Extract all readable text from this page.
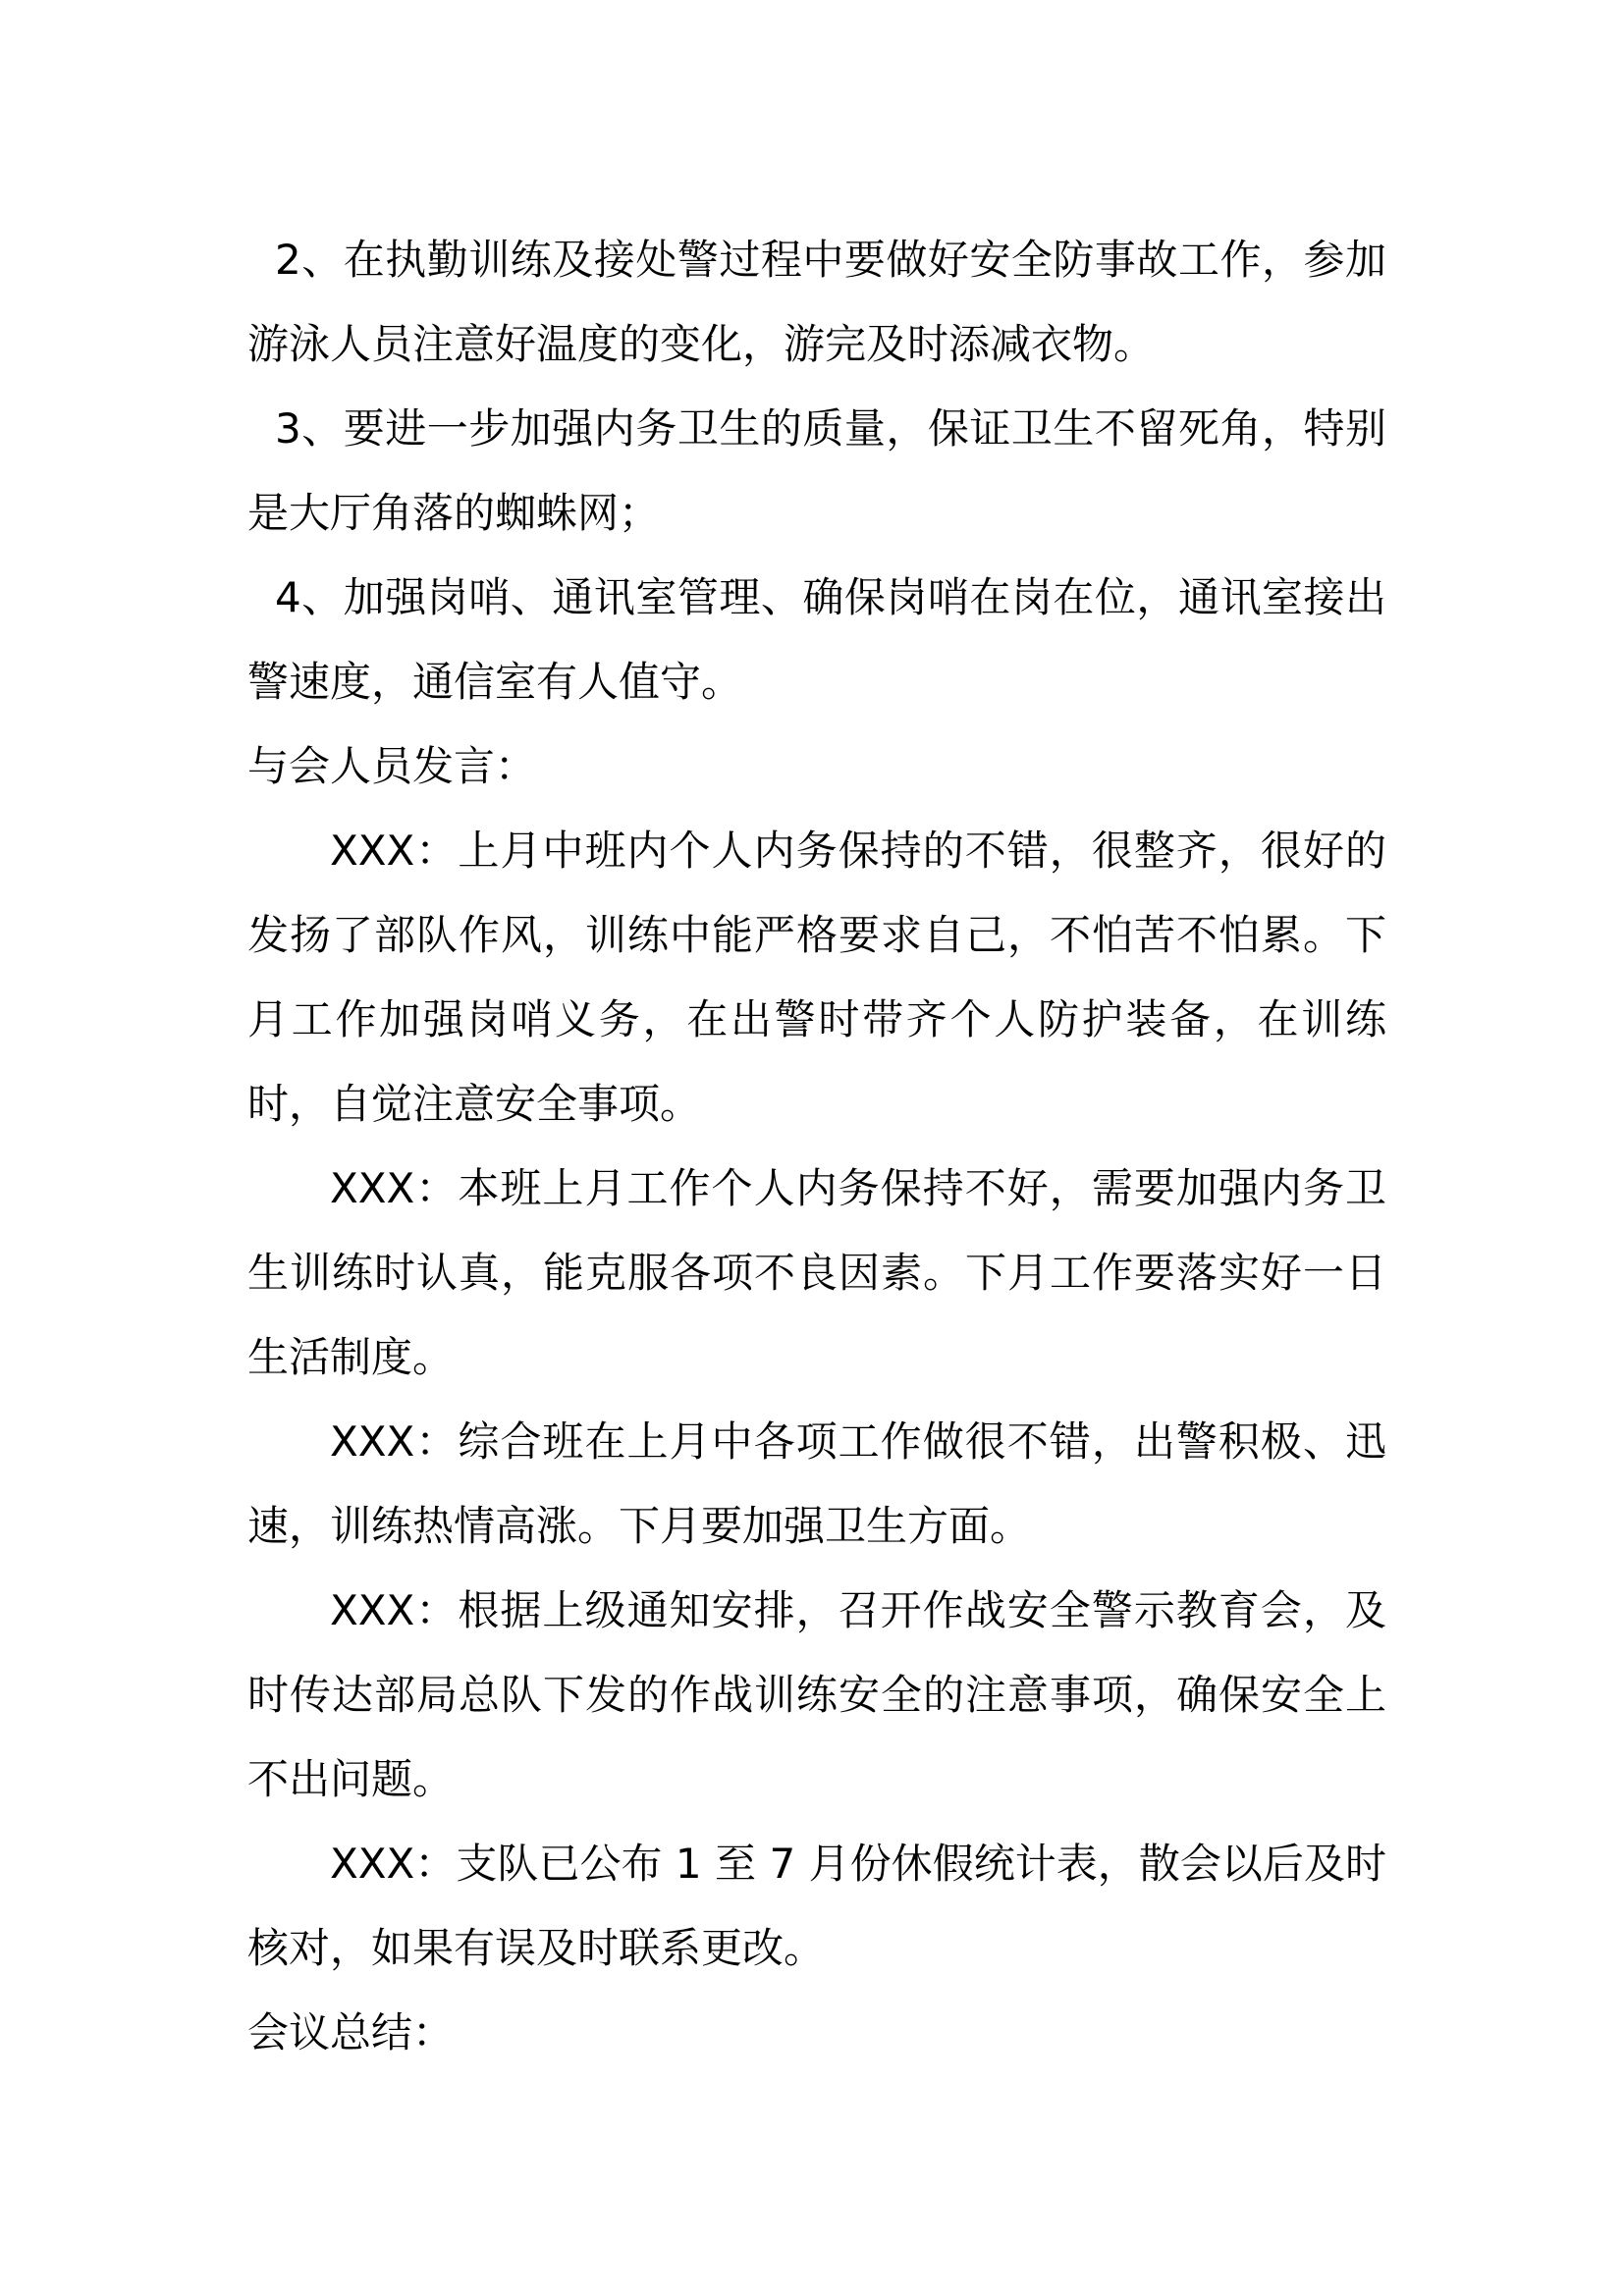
2、在执勤训练及接处警过程中要做好安全防事故工作，参加游泳人员注意好温度的变化，游完及时添减衣物。

3、要进一步加强内务卫生的质量，保证卫生不留死角，特别是大厅角落的蜘蛛网；

4、加强岗哨、通讯室管理、确保岗哨在岗在位，通讯室接出警速度，通信室有人值守。

与会人员发言：

XXX：上月中班内个人内务保持的不错，很整齐，很好的发扬了部队作风，训练中能严格要求自己，不怕苦不怕累。下月工作加强岗哨义务，在出警时带齐个人防护装备，在训练时，自觉注意安全事项。

XXX：本班上月工作个人内务保持不好，需要加强内务卫生训练时认真，能克服各项不良因素。下月工作要落实好一日生活制度。

XXX：综合班在上月中各项工作做很不错，出警积极、迅速，训练热情高涨。下月要加强卫生方面。

XXX：根据上级通知安排，召开作战安全警示教育会，及时传达部局总队下发的作战训练安全的注意事项，确保安全上不出问题。

XXX：支队已公布 1 至 7 月份休假统计表，散会以后及时核对，如果有误及时联系更改。

会议总结：
